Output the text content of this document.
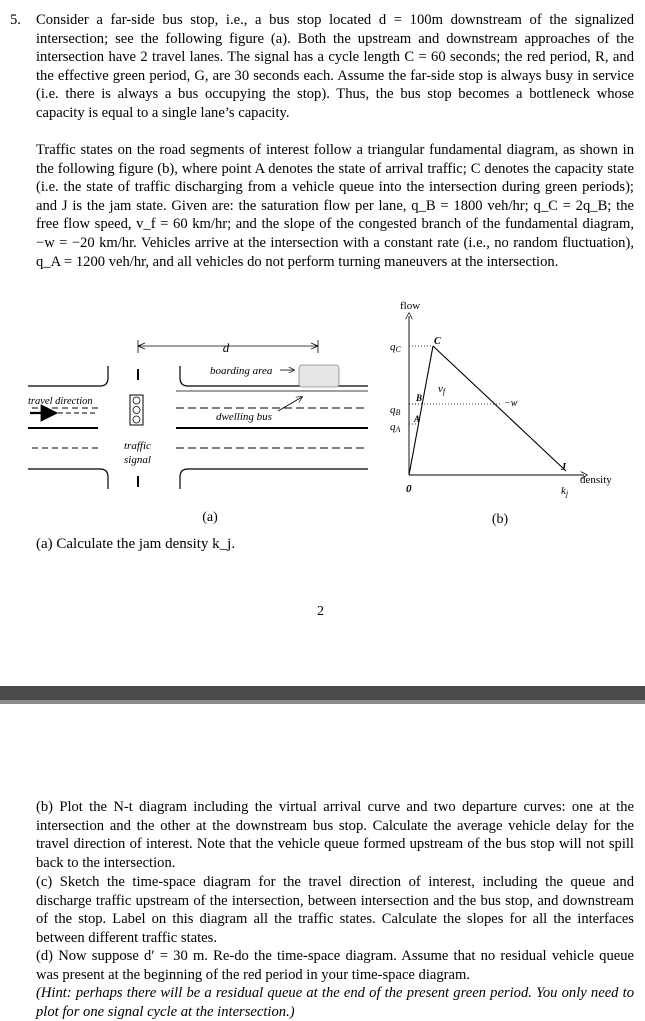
5. Consider a far-side bus stop, i.e., a bus stop located d = 100m downstream of the signalized intersection; see the following figure (a). Both the upstream and downstream approaches of the intersection have 2 travel lanes. The signal has a cycle length C = 60 seconds; the red period, R, and the effective green period, G, are 30 seconds each. Assume the far-side stop is always busy in service (i.e. there is always a bus occupying the stop). Thus, the bus stop becomes a bottleneck whose capacity is equal to a single lane’s capacity.
Traffic states on the road segments of interest follow a triangular fundamental diagram, as shown in the following figure (b), where point A denotes the state of arrival traffic; C denotes the capacity state (i.e. the state of traffic discharging from a vehicle queue into the intersection during green periods); and J is the jam state. Given are: the saturation flow per lane, q_B = 1800 veh/hr; q_C = 2q_B; the free flow speed, v_f = 60 km/hr; and the slope of the congested branch of the fundamental diagram, −w = −20 km/hr. Vehicles arrive at the intersection with a constant rate (i.e., no random fluctuation), q_A = 1200 veh/hr, and all vehicles do not perform turning maneuvers at the intersection.
d
boarding area
dwelling bus
travel direction
traffic
signal
(a)
flow
density
qC
qB
qA
0
C
B
A
J
vf
−w
kj
(b)
(a) Calculate the jam density k_j.
2
(b) Plot the N-t diagram including the virtual arrival curve and two departure curves: one at the intersection and the other at the downstream bus stop. Calculate the average vehicle delay for the travel direction of interest. Note that the vehicle queue formed upstream of the bus stop will not spill back to the intersection.
(c) Sketch the time-space diagram for the travel direction of interest, including the queue and discharge traffic upstream of the intersection, between intersection and the bus stop, and downstream of the stop. Label on this diagram all the traffic states. Calculate the slopes for all the interfaces between different traffic states.
(d) Now suppose d′ = 30 m. Re-do the time-space diagram. Assume that no residual vehicle queue was present at the beginning of the red period in your time-space diagram.
(Hint: perhaps there will be a residual queue at the end of the present green period. You only need to plot for one signal cycle at the intersection.)
